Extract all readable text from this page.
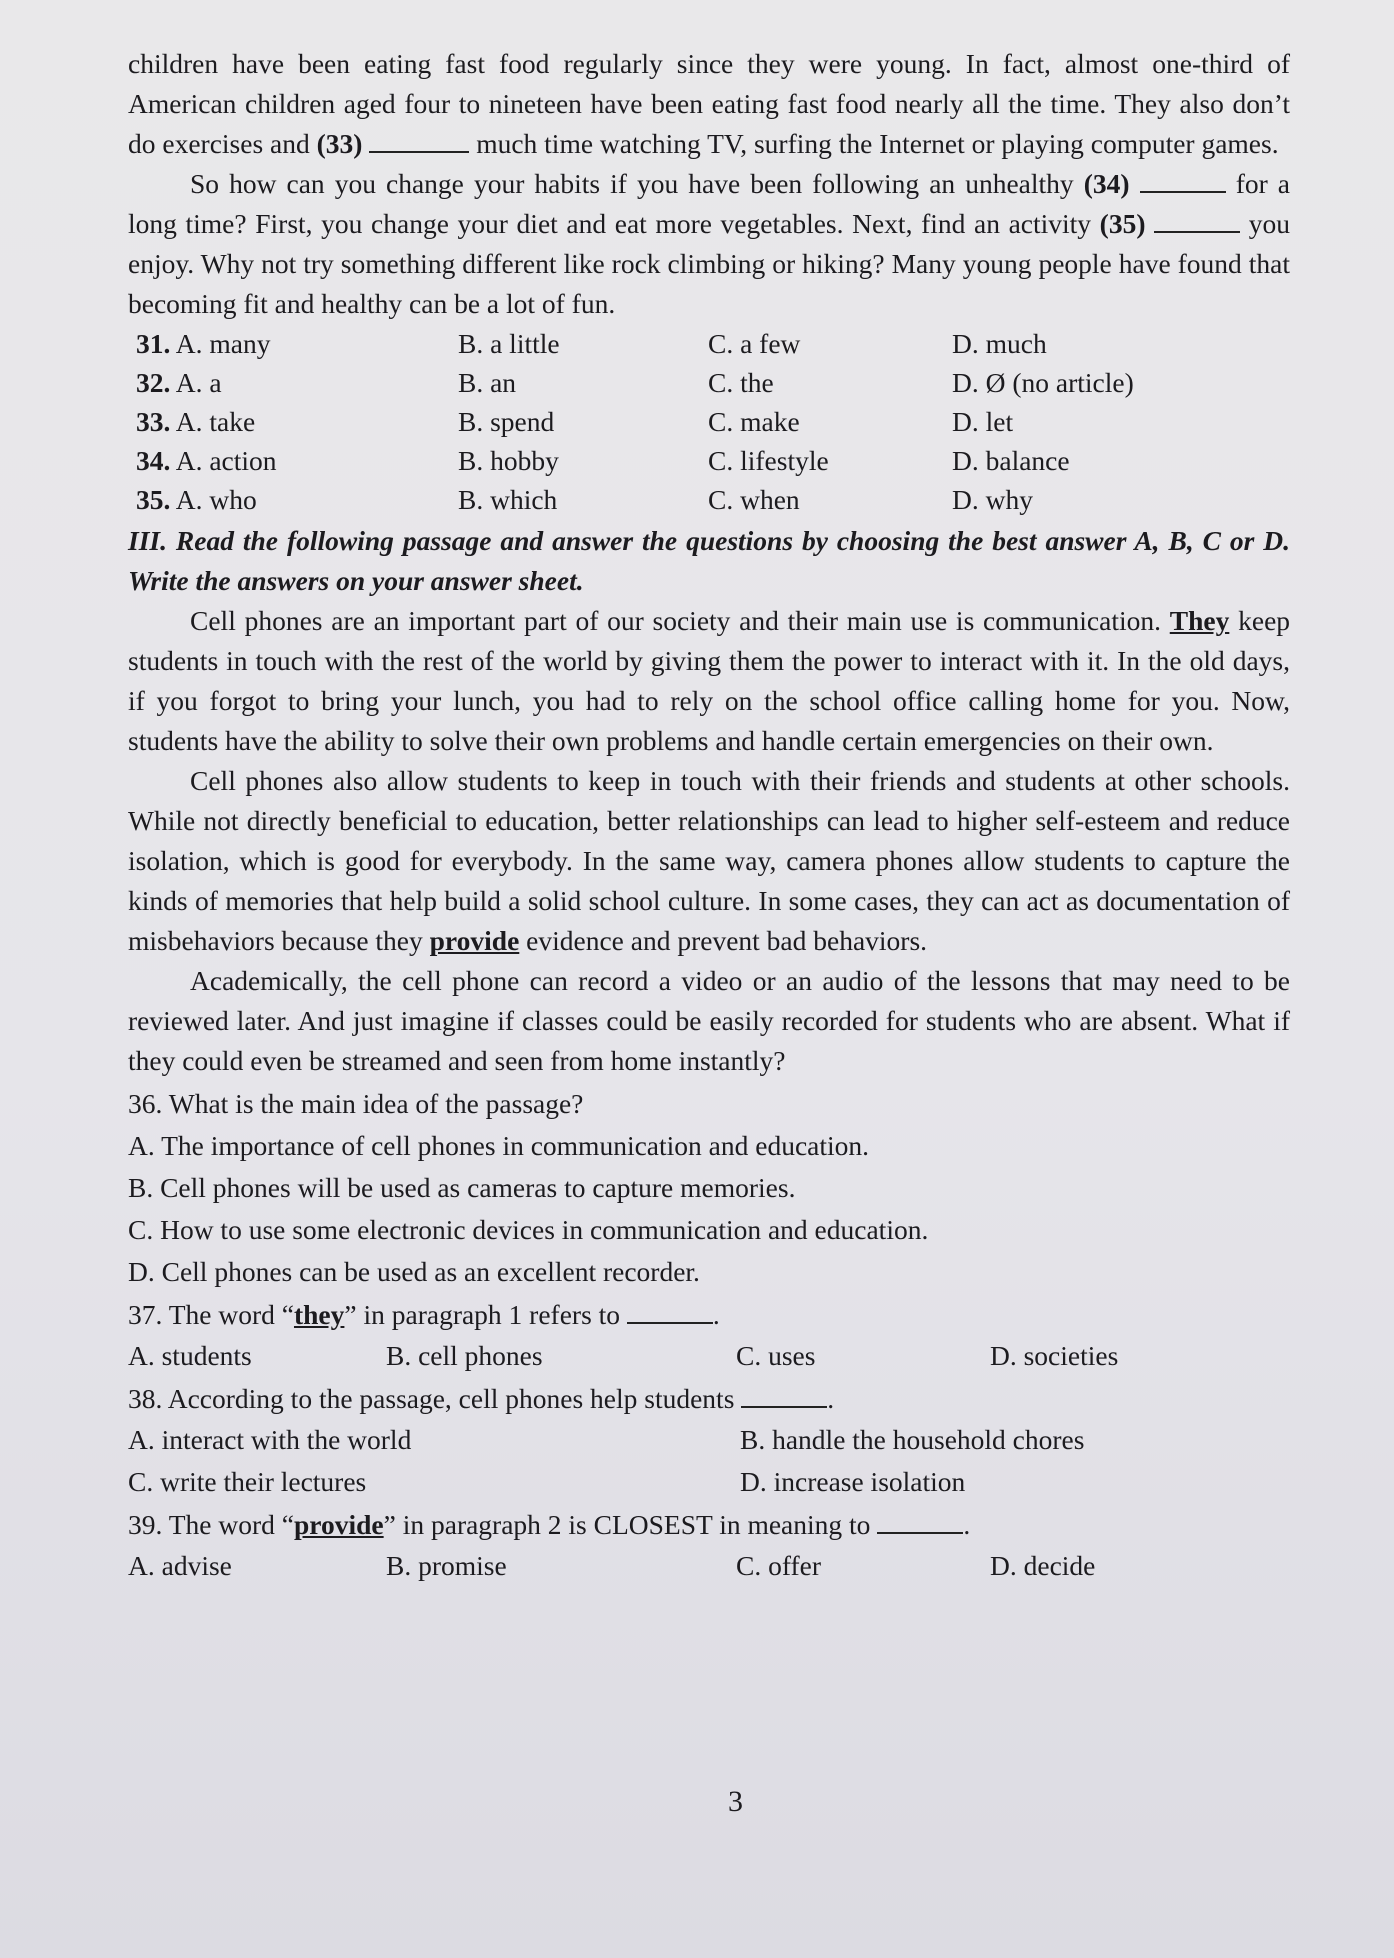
children have been eating fast food regularly since they were young. In fact, almost one-third of American children aged four to nineteen have been eating fast food nearly all the time. They also don’t do exercises and (33)	much time watching TV, surfing the Internet or playing computer games.

So how can you change your habits if you have been following an unhealthy (34)	for a long time? First, you change your diet and eat more vegetables. Next, find an activity (35)	you enjoy. Why not try something different like rock climbing or hiking? Many young people have found that becoming fit and healthy can be a lot of fun.

31. A. many	B. a little	C. a few	D. much
32. A. a	B. an	C. the	D. Ø (no article)
33. A. take	B. spend	C. make	D. let
34. A. action	B. hobby	C. lifestyle	D. balance
35. A. who	B. which	C. when	D. why

III. Read the following passage and answer the questions by choosing the best answer A, B, C or D. Write the answers on your answer sheet.

Cell phones are an important part of our society and their main use is communication. They keep students in touch with the rest of the world by giving them the power to interact with it. In the old days, if you forgot to bring your lunch, you had to rely on the school office calling home for you. Now, students have the ability to solve their own problems and handle certain emergencies on their own.

Cell phones also allow students to keep in touch with their friends and students at other schools. While not directly beneficial to education, better relationships can lead to higher self-esteem and reduce isolation, which is good for everybody. In the same way, camera phones allow students to capture the kinds of memories that help build a solid school culture. In some cases, they can act as documentation of misbehaviors because they provide evidence and prevent bad behaviors.

Academically, the cell phone can record a video or an audio of the lessons that may need to be reviewed later. And just imagine if classes could be easily recorded for students who are absent. What if they could even be streamed and seen from home instantly?

36. What is the main idea of the passage?
A. The importance of cell phones in communication and education.
B. Cell phones will be used as cameras to capture memories.
C. How to use some electronic devices in communication and education.
D. Cell phones can be used as an excellent recorder.
37. The word “they” in paragraph 1 refers to	.
A. students	B. cell phones	C. uses	D. societies
38. According to the passage, cell phones help students	.
A. interact with the world	B. handle the household chores
C. write their lectures	D. increase isolation
39. The word “provide” in paragraph 2 is CLOSEST in meaning to	.
A. advise	B. promise	C. offer	D. decide
3
